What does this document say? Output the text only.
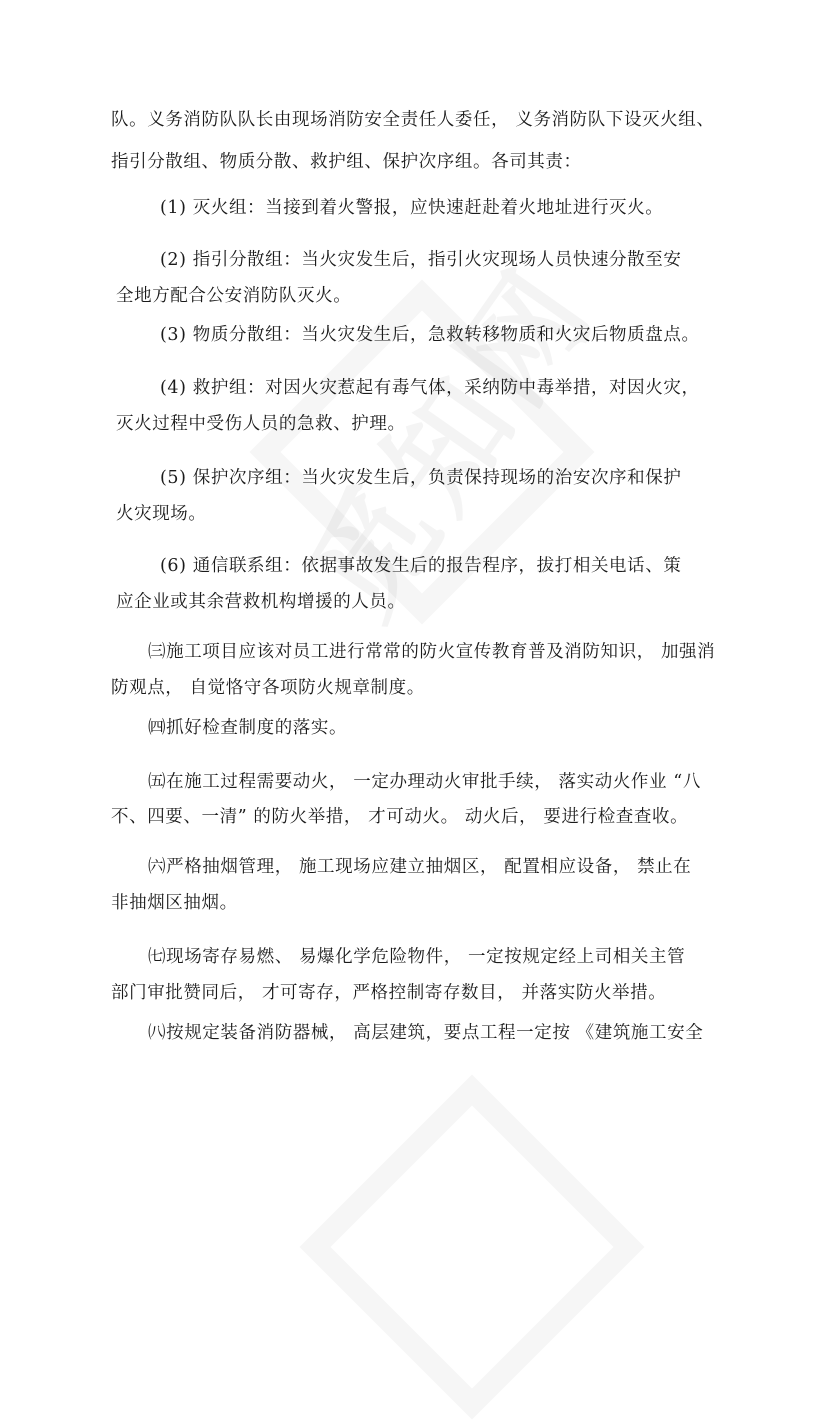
队。义务消防队队长由现场消防安全责任人委任， 义务消防队下设灭火组、
指引分散组、物质分散、救护组、保护次序组。各司其责：
(1) 灭火组：当接到着火警报，应快速赶赴着火地址进行灭火。
(2) 指引分散组：当火灾发生后，指引火灾现场人员快速分散至安
全地方配合公安消防队灭火。
(3) 物质分散组：当火灾发生后，急救转移物质和火灾后物质盘点。
(4) 救护组：对因火灾惹起有毒气体，采纳防中毒举措，对因火灾，
灭火过程中受伤人员的急救、护理。
(5) 保护次序组：当火灾发生后，负责保持现场的治安次序和保护
火灾现场。
(6) 通信联系组：依据事故发生后的报告程序，拔打相关电话、策
应企业或其余营救机构增援的人员。
㈢施工项目应该对员工进行常常的防火宣传教育普及消防知识， 加强消
防观点， 自觉恪守各项防火规章制度。
㈣抓好检查制度的落实。
㈤在施工过程需要动火， 一定办理动火审批手续， 落实动火作业 “八
不、四要、一清” 的防火举措， 才可动火。 动火后， 要进行检查查收。
㈥严格抽烟管理， 施工现场应建立抽烟区， 配置相应设备， 禁止在
非抽烟区抽烟。
㈦现场寄存易燃、 易爆化学危险物件， 一定按规定经上司相关主管
部门审批赞同后， 才可寄存，严格控制寄存数目， 并落实防火举措。
㈧按规定装备消防器械， 高层建筑，要点工程一定按 《建筑施工安全
